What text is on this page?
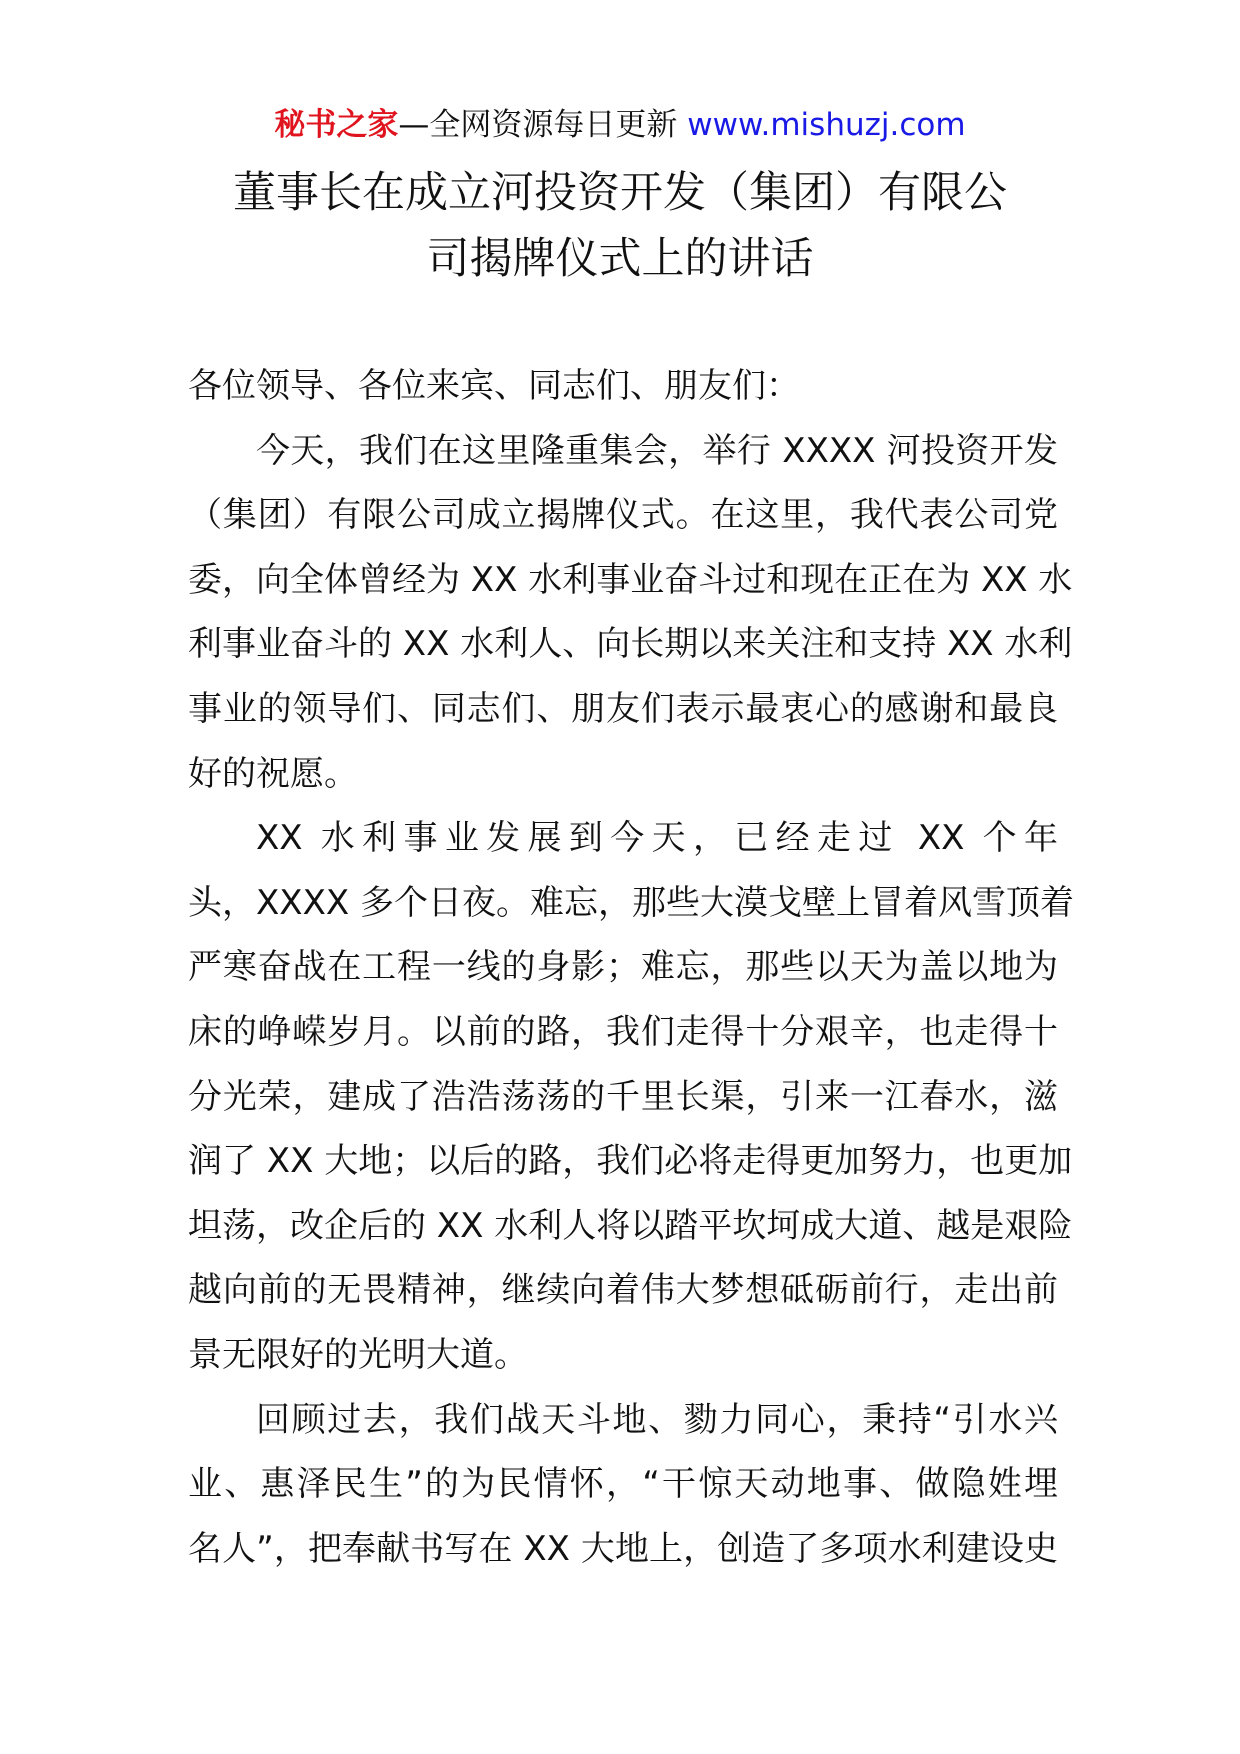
秘书之家—全网资源每日更新 www.mishuzj.com
董事长在成立河投资开发（集团）有限公
司揭牌仪式上的讲话
各位领导、各位来宾、同志们、朋友们：
今天，我们在这里隆重集会，举行 XXXX 河投资开发
（集团）有限公司成立揭牌仪式。在这里，我代表公司党
委，向全体曾经为 XX 水利事业奋斗过和现在正在为 XX 水
利事业奋斗的 XX 水利人、向长期以来关注和支持 XX 水利
事业的领导们、同志们、朋友们表示最衷心的感谢和最良
好的祝愿。
XX 水利事业发展到今天，已经走过 XX 个年
头，XXXX 多个日夜。难忘，那些大漠戈壁上冒着风雪顶着
严寒奋战在工程一线的身影；难忘，那些以天为盖以地为
床的峥嵘岁月。以前的路，我们走得十分艰辛，也走得十
分光荣，建成了浩浩荡荡的千里长渠，引来一江春水，滋
润了 XX 大地；以后的路，我们必将走得更加努力，也更加
坦荡，改企后的 XX 水利人将以踏平坎坷成大道、越是艰险
越向前的无畏精神，继续向着伟大梦想砥砺前行，走出前
景无限好的光明大道。
回顾过去，我们战天斗地、勠力同心，秉持“引水兴
业、惠泽民生”的为民情怀，“干惊天动地事、做隐姓埋
名人”，把奉献书写在 XX 大地上，创造了多项水利建设史
